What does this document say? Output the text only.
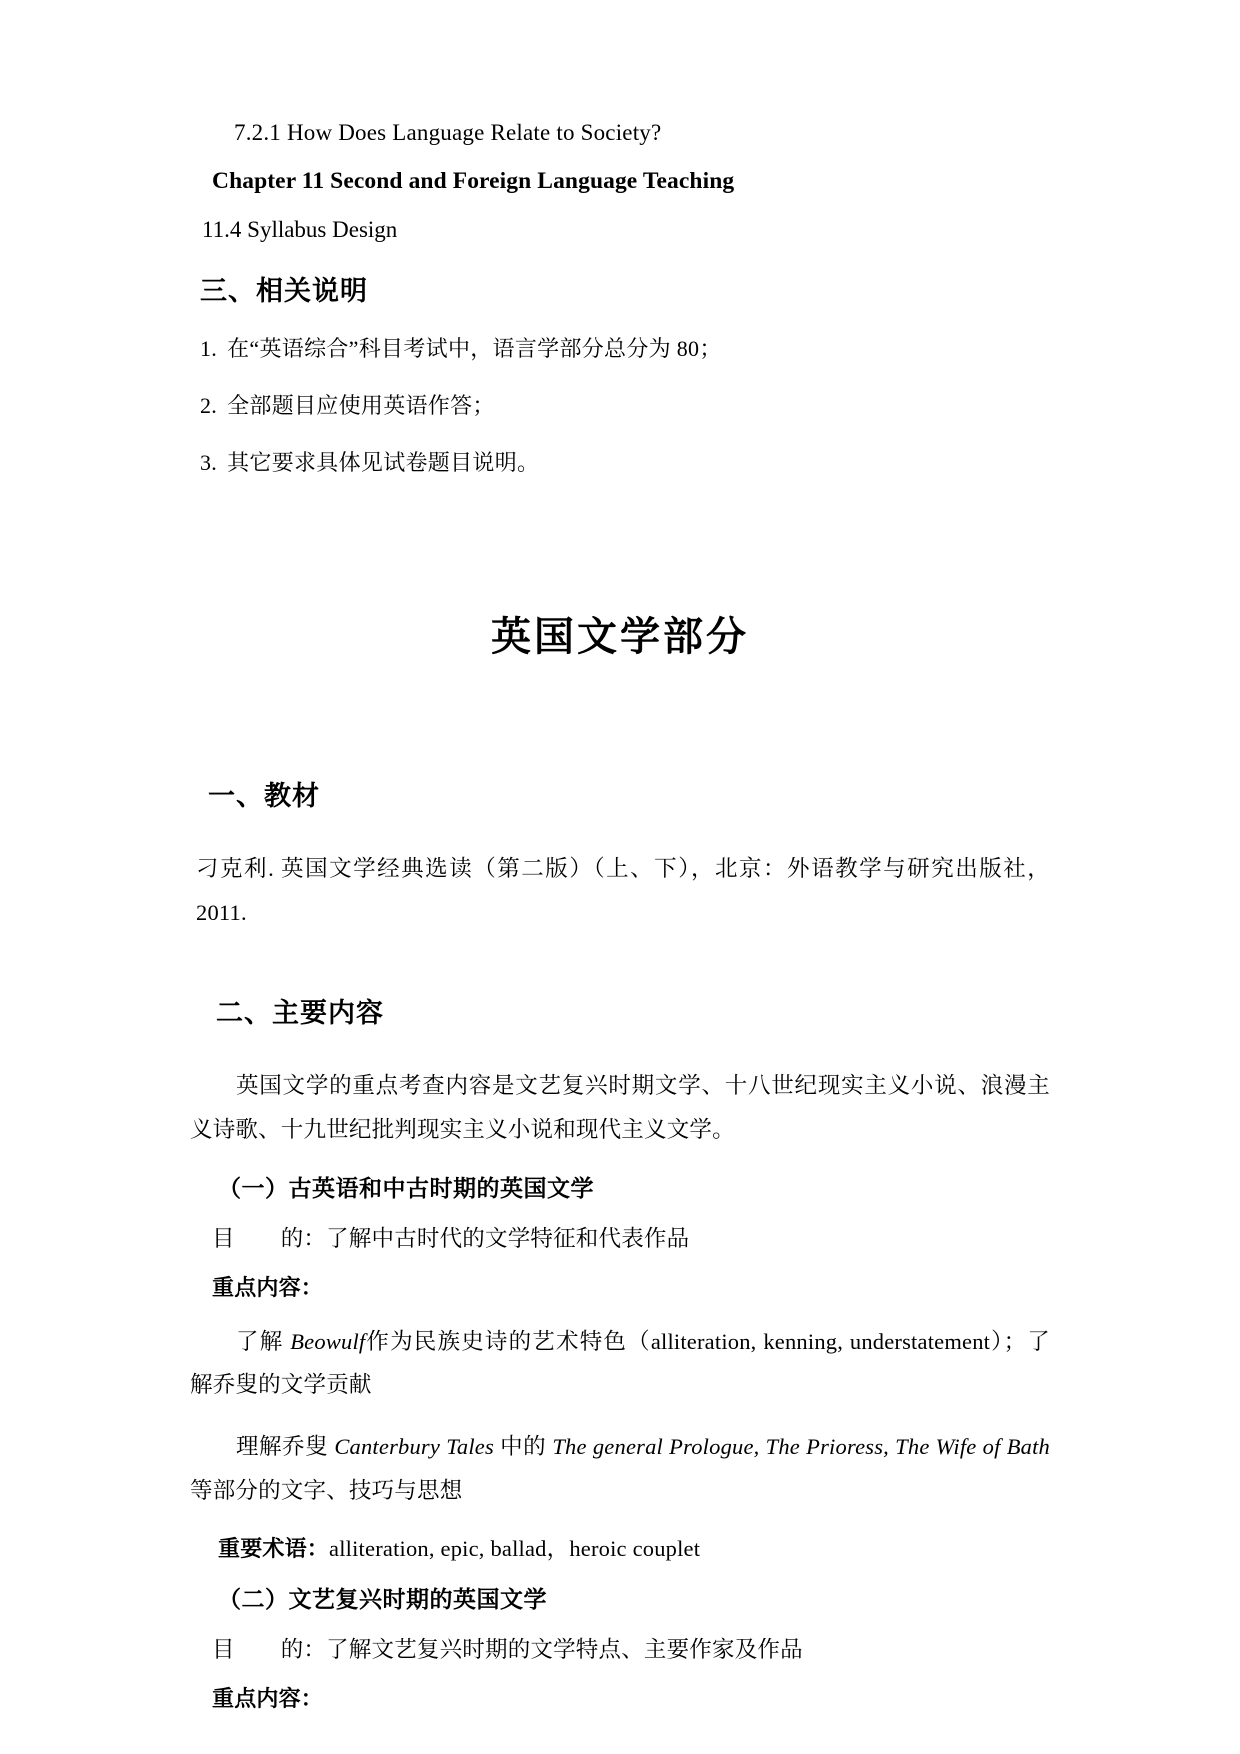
7.2.1 How Does Language Relate to Society?
Chapter 11 Second and Foreign Language Teaching
11.4 Syllabus Design
三、相关说明
1. 在“英语综合”科目考试中，语言学部分总分为 80；
2. 全部题目应使用英语作答；
3. 其它要求具体见试卷题目说明。
英国文学部分
一、教材
刁克利. 英国文学经典选读（第二版）（上、下），北京：外语教学与研究出版社，2011.
二、主要内容
英国文学的重点考查内容是文艺复兴时期文学、十八世纪现实主义小说、浪漫主义诗歌、十九世纪批判现实主义小说和现代主义文学。
（一）古英语和中古时期的英国文学
目 的：了解中古时代的文学特征和代表作品
重点内容：
了解 Beowulf作为民族史诗的艺术特色（alliteration, kenning, understatement）；了解乔叟的文学贡献
理解乔叟 Canterbury Tales 中的 The general Prologue, The Prioress, The Wife of Bath 等部分的文字、技巧与思想
重要术语：alliteration, epic, ballad，heroic couplet
（二）文艺复兴时期的英国文学
目 的：了解文艺复兴时期的文学特点、主要作家及作品
重点内容：
